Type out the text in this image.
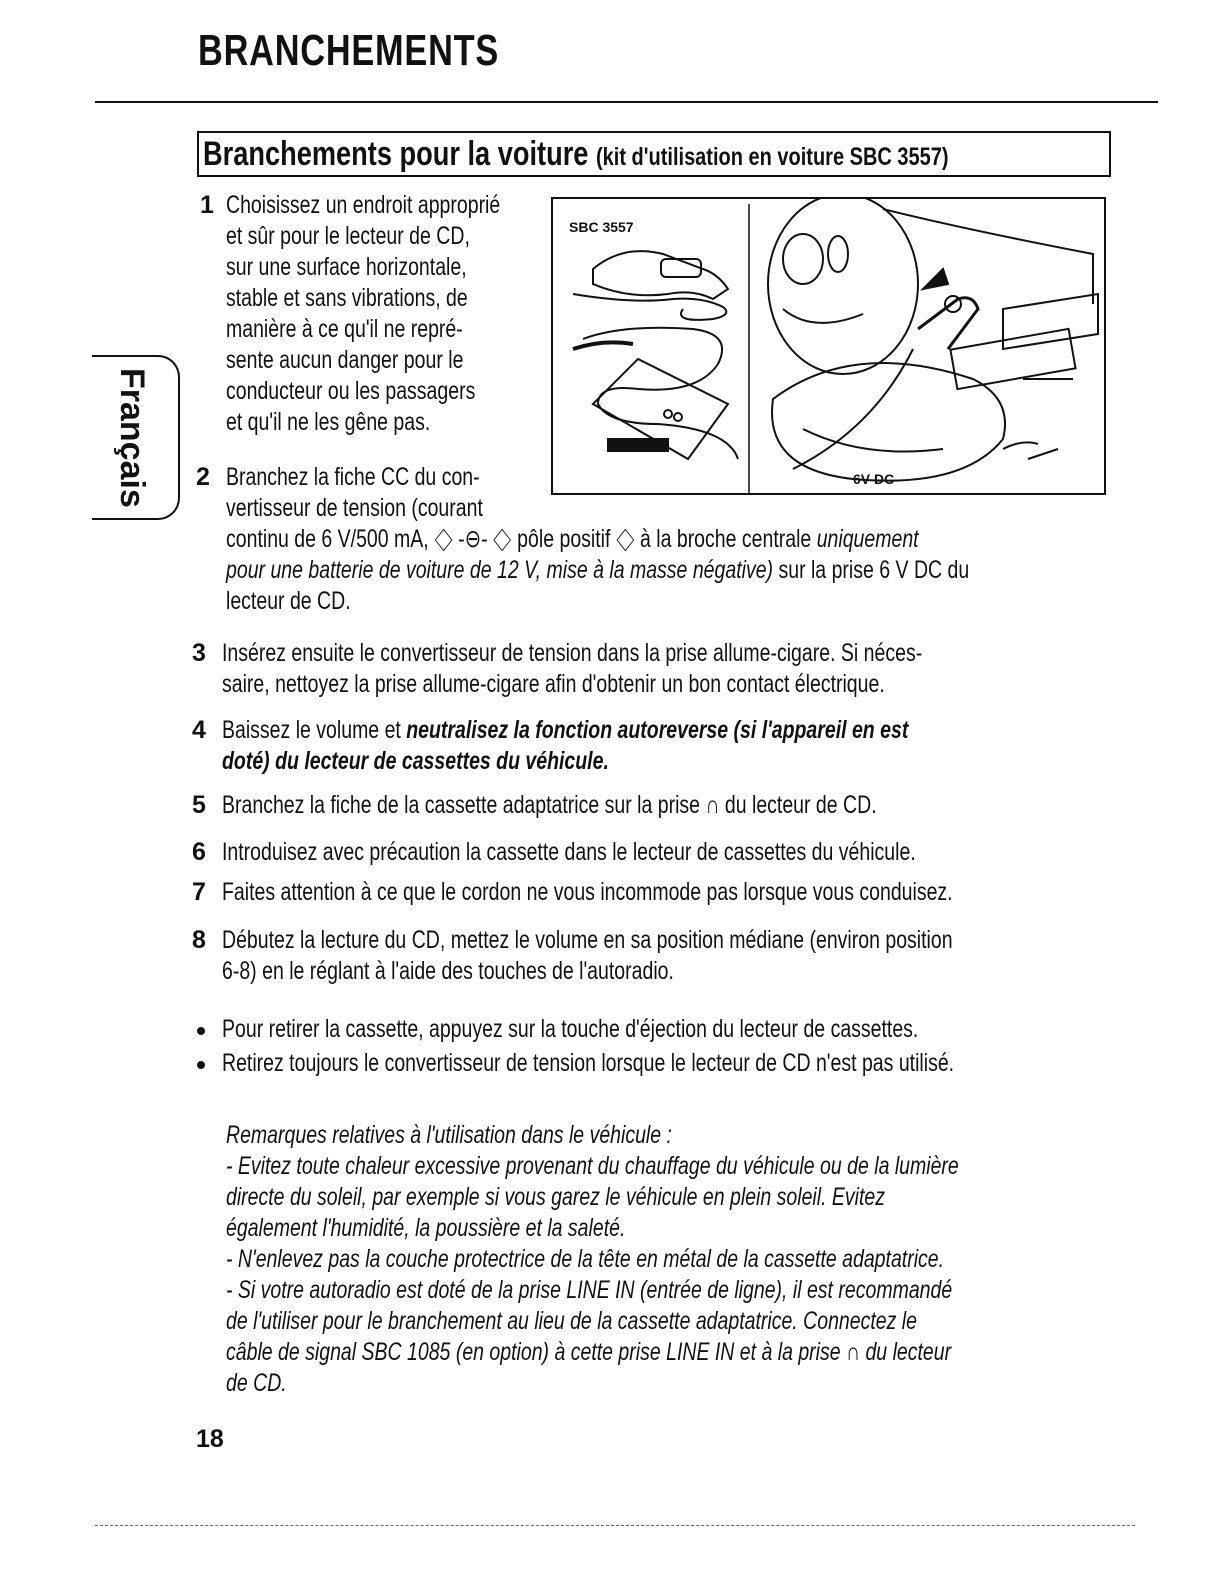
BRANCHEMENTS
Branchements pour la voiture (kit d'utilisation en voiture SBC 3557)
Français
SBC 3557
6V DC
1 Choisissez un endroit approprié
et sûr pour le lecteur de CD,
sur une surface horizontale,
stable et sans vibrations, de
manière à ce qu'il ne repré-
sente aucun danger pour le
conducteur ou les passagers
et qu'il ne les gêne pas.
2 Branchez la fiche CC du con-
vertisseur de tension (courant
continu de 6 V/500 mA, -⊖- pôle positif à la broche centrale uniquement
pour une batterie de voiture de 12 V, mise à la masse négative) sur la prise 6 V DC du
lecteur de CD.
3 Insérez ensuite le convertisseur de tension dans la prise allume-cigare. Si néces-
saire, nettoyez la prise allume-cigare afin d'obtenir un bon contact électrique.
4 Baissez le volume et neutralisez la fonction autoreverse (si l'appareil en est
doté) du lecteur de cassettes du véhicule.
5 Branchez la fiche de la cassette adaptatrice sur la prise ∩ du lecteur de CD.
6 Introduisez avec précaution la cassette dans le lecteur de cassettes du véhicule.
7 Faites attention à ce que le cordon ne vous incommode pas lorsque vous conduisez.
8 Débutez la lecture du CD, mettez le volume en sa position médiane (environ position
6-8) en le réglant à l'aide des touches de l'autoradio.
Pour retirer la cassette, appuyez sur la touche d'éjection du lecteur de cassettes.
Retirez toujours le convertisseur de tension lorsque le lecteur de CD n'est pas utilisé.
Remarques relatives à l'utilisation dans le véhicule :
- Evitez toute chaleur excessive provenant du chauffage du véhicule ou de la lumière
directe du soleil, par exemple si vous garez le véhicule en plein soleil. Evitez
également l'humidité, la poussière et la saleté.
- N'enlevez pas la couche protectrice de la tête en métal de la cassette adaptatrice.
- Si votre autoradio est doté de la prise LINE IN (entrée de ligne), il est recommandé
de l'utiliser pour le branchement au lieu de la cassette adaptatrice. Connectez le
câble de signal SBC 1085 (en option) à cette prise LINE IN et à la prise ∩ du lecteur
de CD.
18
